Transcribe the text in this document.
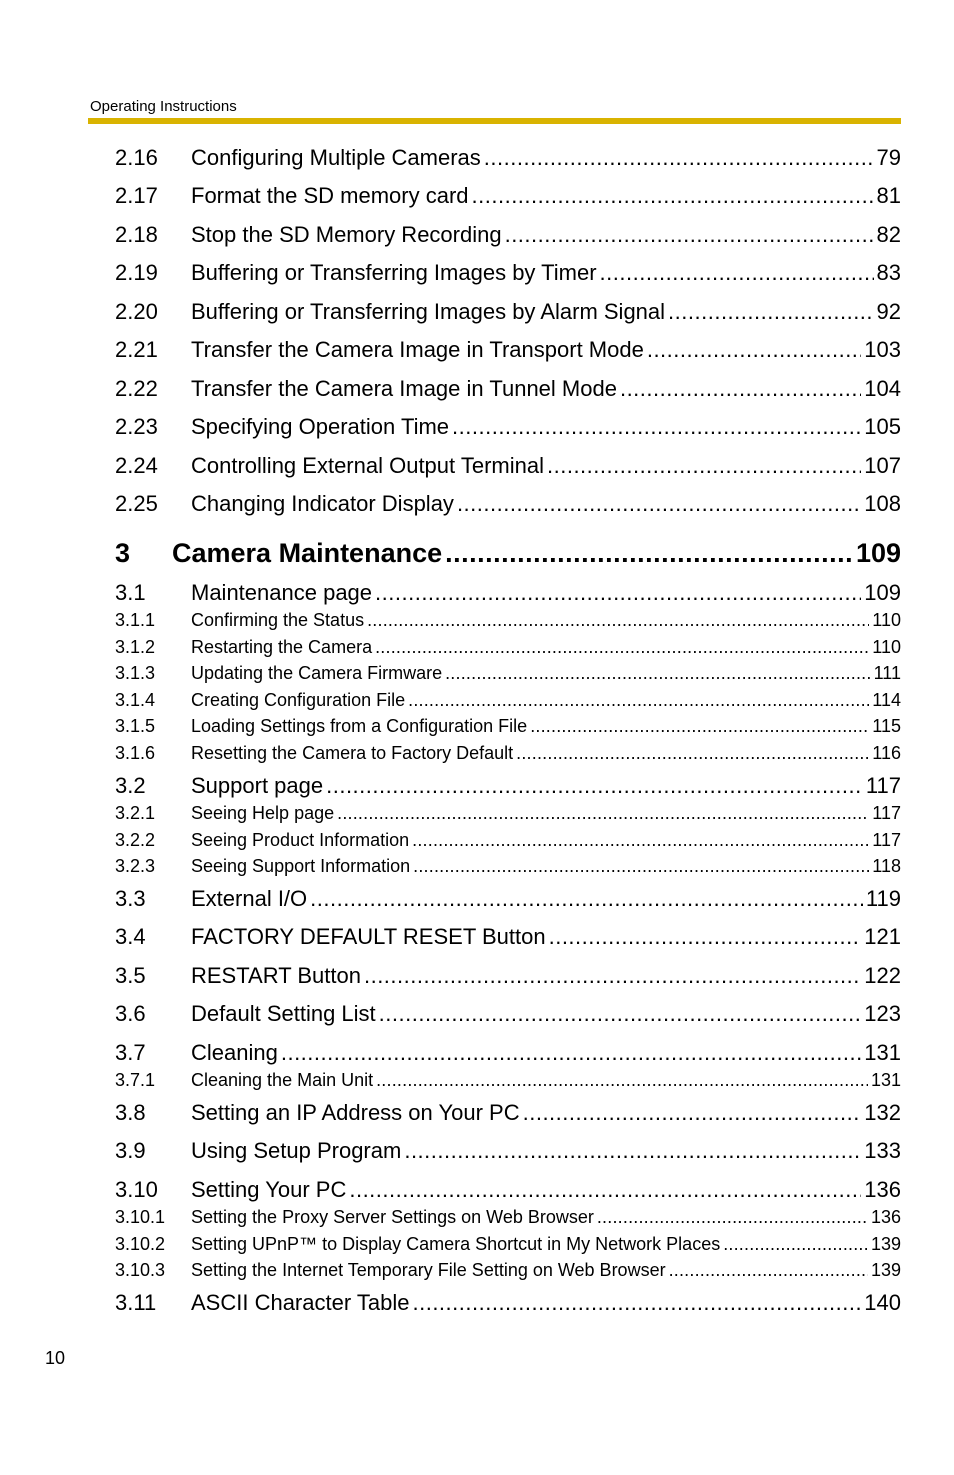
Operating Instructions
2.16	Configuring Multiple Cameras .....	79
2.17	Format the SD memory card .....	81
2.18	Stop the SD Memory Recording .....	82
2.19	Buffering or Transferring Images by Timer .....	83
2.20	Buffering or Transferring Images by Alarm Signal .....	92
2.21	Transfer the Camera Image in Transport Mode .....	103
2.22	Transfer the Camera Image in Tunnel Mode .....	104
2.23	Specifying Operation Time .....	105
2.24	Controlling External Output Terminal .....	107
2.25	Changing Indicator Display .....	108
3	Camera Maintenance .....	109
3.1	Maintenance page .....	109
3.1.1	Confirming the Status .....	110
3.1.2	Restarting the Camera .....	110
3.1.3	Updating the Camera Firmware .....	111
3.1.4	Creating Configuration File .....	114
3.1.5	Loading Settings from a Configuration File .....	115
3.1.6	Resetting the Camera to Factory Default .....	116
3.2	Support page .....	117
3.2.1	Seeing Help page .....	117
3.2.2	Seeing Product Information .....	117
3.2.3	Seeing Support Information .....	118
3.3	External I/O .....	119
3.4	FACTORY DEFAULT RESET Button .....	121
3.5	RESTART Button .....	122
3.6	Default Setting List .....	123
3.7	Cleaning .....	131
3.7.1	Cleaning the Main Unit .....	131
3.8	Setting an IP Address on Your PC .....	132
3.9	Using Setup Program .....	133
3.10	Setting Your PC .....	136
3.10.1	Setting the Proxy Server Settings on Web Browser .....	136
3.10.2	Setting UPnP™ to Display Camera Shortcut in My Network Places .....	139
3.10.3	Setting the Internet Temporary File Setting on Web Browser .....	139
3.11	ASCII Character Table .....	140
10
